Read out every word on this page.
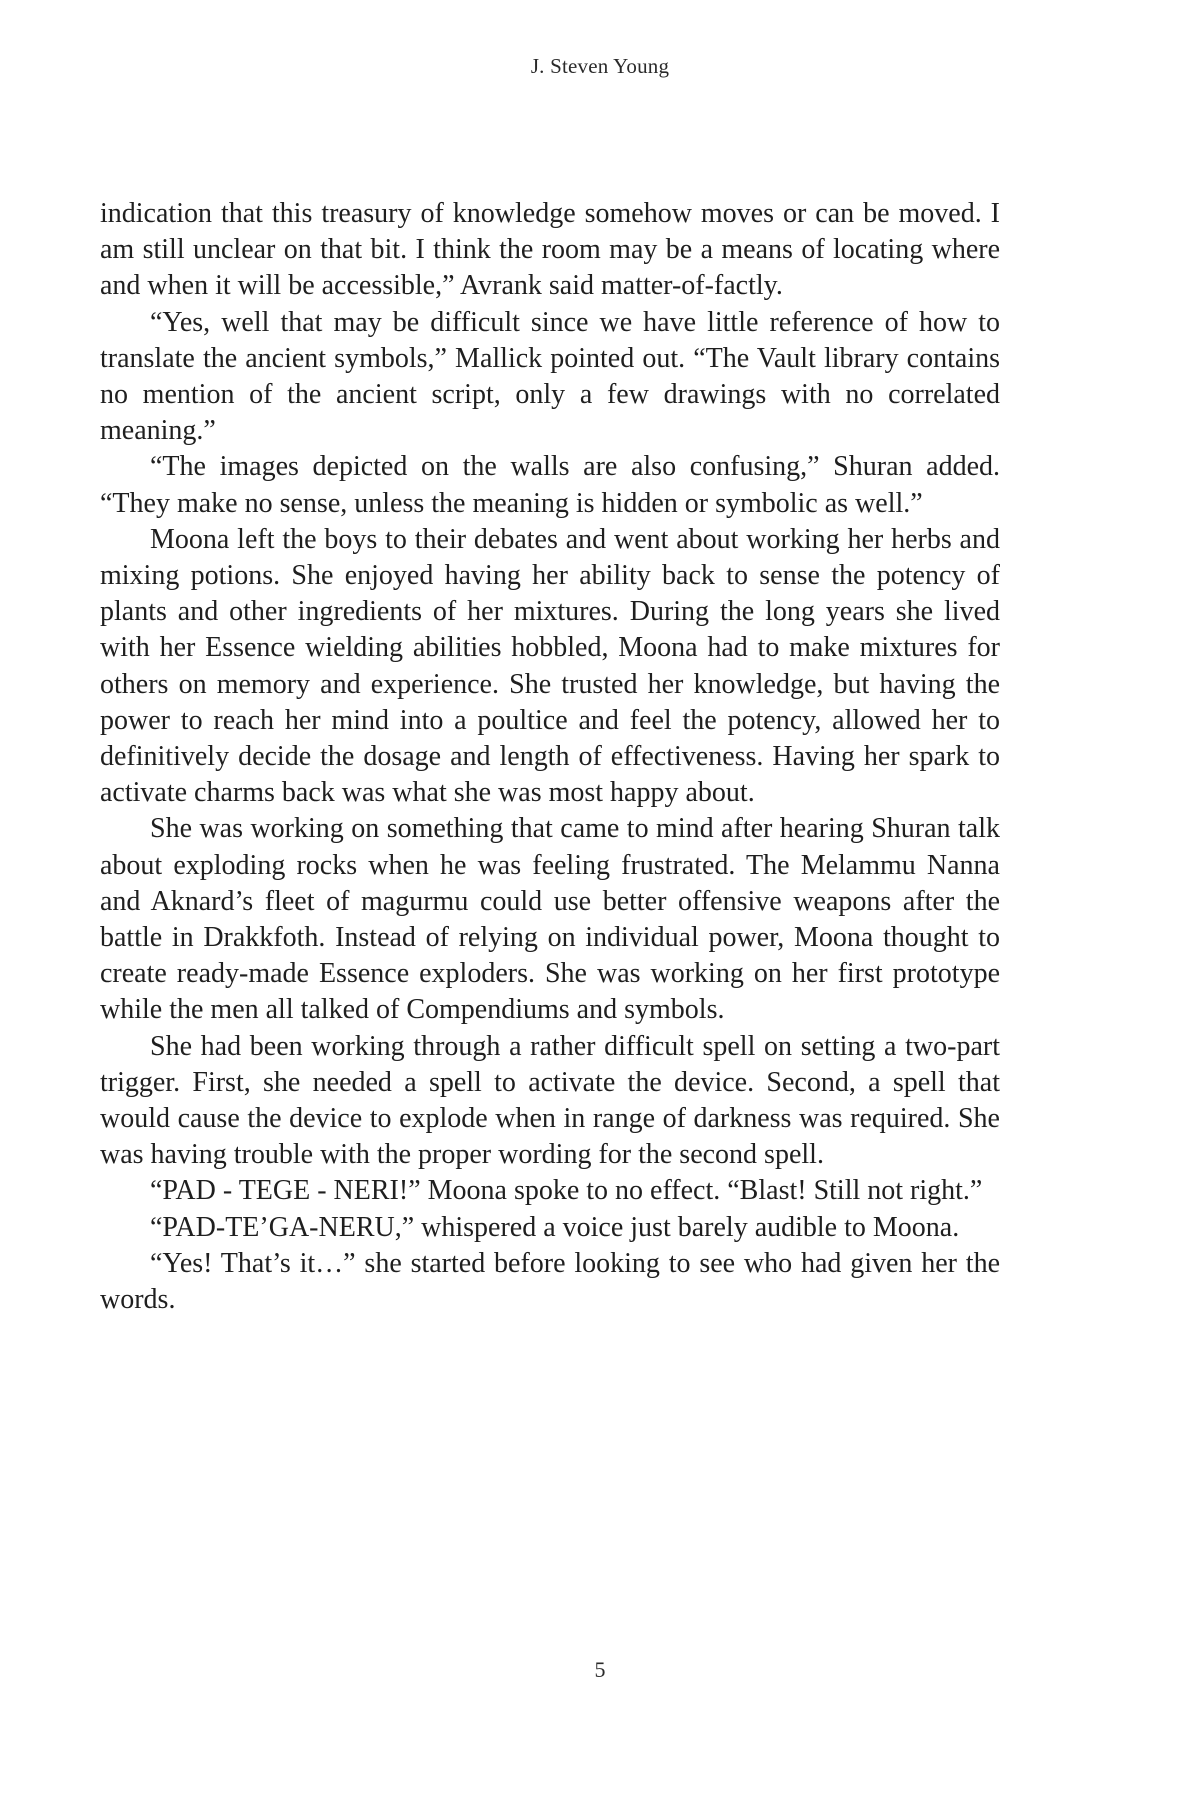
J. Steven Young

indication that this treasury of knowledge somehow moves or can be moved. I am still unclear on that bit. I think the room may be a means of locating where and when it will be accessible,” Avrank said matter-of-factly.

“Yes, well that may be difficult since we have little reference of how to translate the ancient symbols,” Mallick pointed out. “The Vault library contains no mention of the ancient script, only a few drawings with no correlated meaning.”

“The images depicted on the walls are also confusing,” Shuran added. “They make no sense, unless the meaning is hidden or symbolic as well.”

Moona left the boys to their debates and went about working her herbs and mixing potions. She enjoyed having her ability back to sense the potency of plants and other ingredients of her mixtures. During the long years she lived with her Essence wielding abilities hobbled, Moona had to make mixtures for others on memory and experience. She trusted her knowledge, but having the power to reach her mind into a poultice and feel the potency, allowed her to definitively decide the dosage and length of effectiveness. Having her spark to activate charms back was what she was most happy about.

She was working on something that came to mind after hearing Shuran talk about exploding rocks when he was feeling frustrated. The Melammu Nanna and Aknard’s fleet of magurmu could use better offensive weapons after the battle in Drakkfoth. Instead of relying on individual power, Moona thought to create ready-made Essence exploders. She was working on her first prototype while the men all talked of Compendiums and symbols.

She had been working through a rather difficult spell on setting a two-part trigger. First, she needed a spell to activate the device. Second, a spell that would cause the device to explode when in range of darkness was required. She was having trouble with the proper wording for the second spell.

“PAD - TEGE - NERI!” Moona spoke to no effect. “Blast! Still not right.”

“PAD-TE’GA-NERU,” whispered a voice just barely audible to Moona.

“Yes! That’s it…” she started before looking to see who had given her the words.

5
